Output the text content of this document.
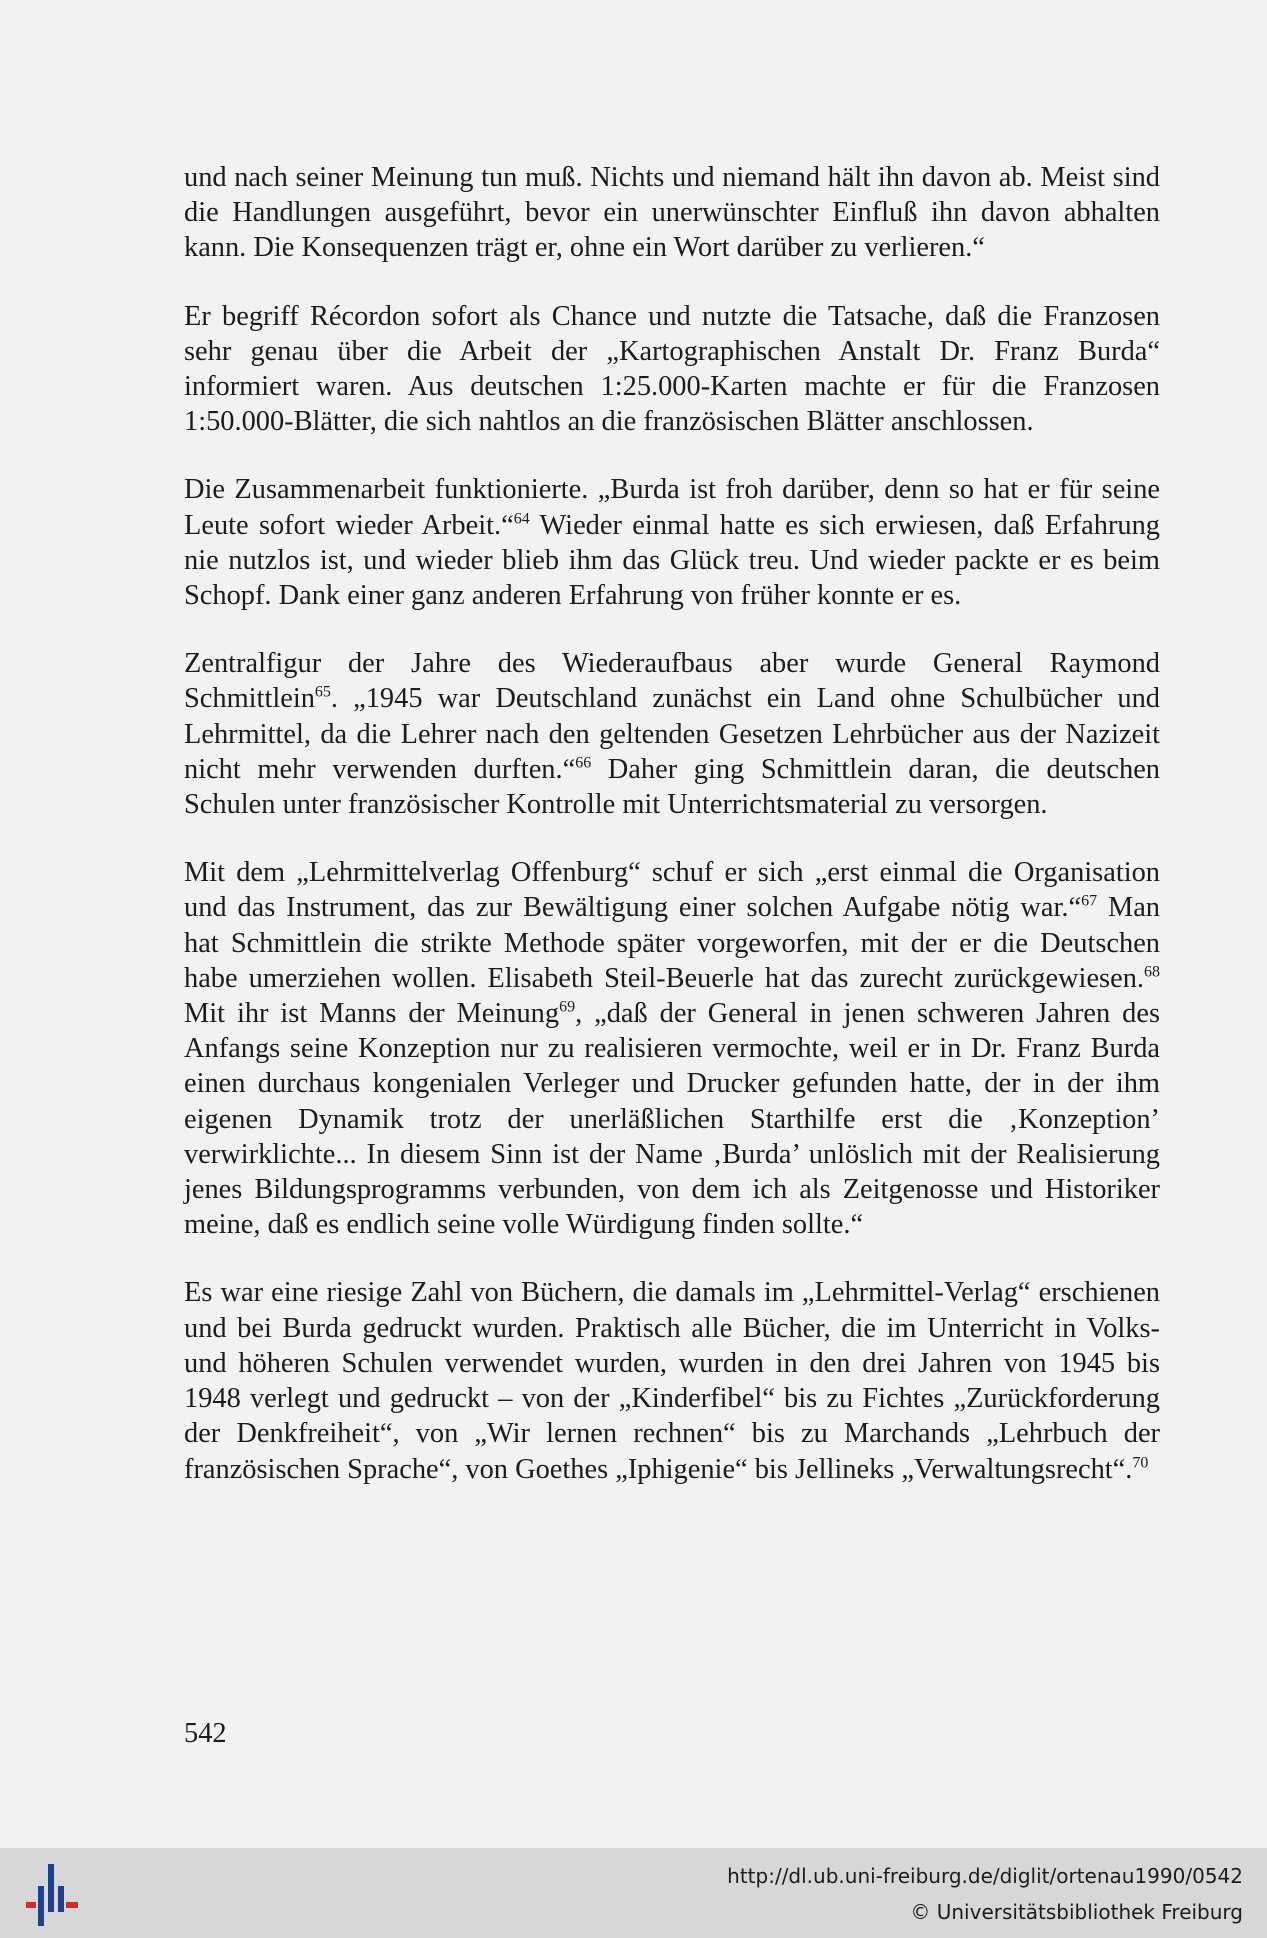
und nach seiner Meinung tun muß. Nichts und niemand hält ihn davon ab. Meist sind die Handlungen ausgeführt, bevor ein unerwünschter Einfluß ihn davon abhalten kann. Die Konsequenzen trägt er, ohne ein Wort darüber zu verlieren.“

Er begriff Récordon sofort als Chance und nutzte die Tatsache, daß die Franzosen sehr genau über die Arbeit der „Kartographischen Anstalt Dr. Franz Burda“ informiert waren. Aus deutschen 1:25.000-Karten machte er für die Franzosen 1:50.000-Blätter, die sich nahtlos an die französischen Blätter anschlossen.

Die Zusammenarbeit funktionierte. „Burda ist froh darüber, denn so hat er für seine Leute sofort wieder Arbeit.“$^{64}$ Wieder einmal hatte es sich erwiesen, daß Erfahrung nie nutzlos ist, und wieder blieb ihm das Glück treu. Und wieder packte er es beim Schopf. Dank einer ganz anderen Erfahrung von früher konnte er es.

Zentralfigur der Jahre des Wiederaufbaus aber wurde General Raymond Schmittlein$^{65}$. „1945 war Deutschland zunächst ein Land ohne Schulbücher und Lehrmittel, da die Lehrer nach den geltenden Gesetzen Lehrbücher aus der Nazizeit nicht mehr verwenden durften.“$^{66}$ Daher ging Schmittlein daran, die deutschen Schulen unter französischer Kontrolle mit Unterrichtsmaterial zu versorgen.

Mit dem „Lehrmittelverlag Offenburg“ schuf er sich „erst einmal die Organisation und das Instrument, das zur Bewältigung einer solchen Aufgabe nötig war.“$^{67}$ Man hat Schmittlein die strikte Methode später vorgeworfen, mit der er die Deutschen habe umerziehen wollen. Elisabeth Steil-Beuerle hat das zurecht zurückgewiesen.$^{68}$ Mit ihr ist Manns der Meinung$^{69}$, „daß der General in jenen schweren Jahren des Anfangs seine Konzeption nur zu realisieren vermochte, weil er in Dr. Franz Burda einen durchaus kongenialen Verleger und Drucker gefunden hatte, der in der ihm eigenen Dynamik trotz der unerläßlichen Starthilfe erst die ‚Konzeption’ verwirklichte... In diesem Sinn ist der Name ‚Burda’ unlöslich mit der Realisierung jenes Bildungsprogramms verbunden, von dem ich als Zeitgenosse und Historiker meine, daß es endlich seine volle Würdigung finden sollte.“

Es war eine riesige Zahl von Büchern, die damals im „Lehrmittel-Verlag“ erschienen und bei Burda gedruckt wurden. Praktisch alle Bücher, die im Unterricht in Volks- und höheren Schulen verwendet wurden, wurden in den drei Jahren von 1945 bis 1948 verlegt und gedruckt – von der „Kinderfibel“ bis zu Fichtes „Zurückforderung der Denkfreiheit“, von „Wir lernen rechnen“ bis zu Marchands „Lehrbuch der französischen Sprache“, von Goethes „Iphigenie“ bis Jellineks „Verwaltungsrecht“.$^{70}$

542
http://dl.ub.uni-freiburg.de/diglit/ortenau1990/0542
© Universitätsbibliothek Freiburg
